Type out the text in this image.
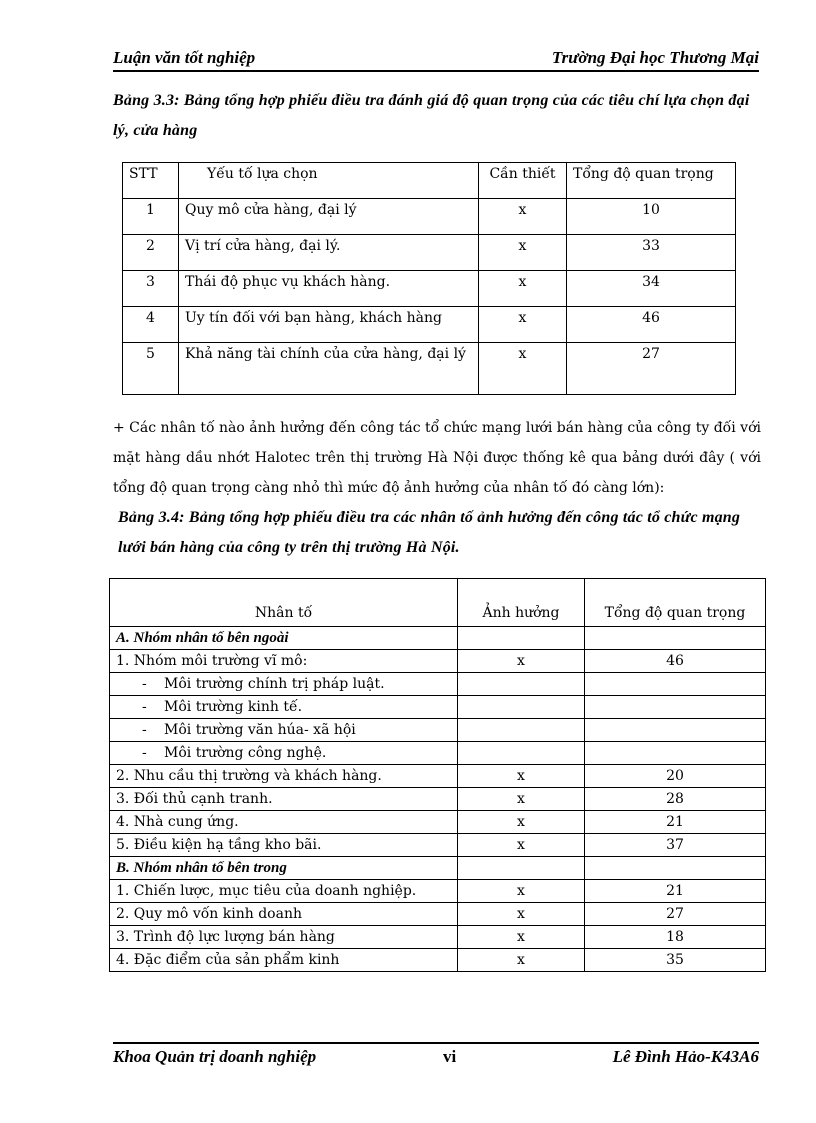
Luận văn tốt nghiệp	Trường Đại học Thương Mại
Bảng 3.3: Bảng tổng hợp phiếu điều tra đánh giá độ quan trọng của các tiêu chí lựa chọn đại lý, cửa hàng
STT	Yếu tố lựa chọn	Cần thiết	Tổng độ quan trọng
1	Quy mô cửa hàng, đại lý	x	10
2	Vị trí cửa hàng, đại lý.	x	33
3	Thái độ phục vụ khách hàng.	x	34
4	Uy tín đối với bạn hàng, khách hàng	x	46
5	Khả năng tài chính của cửa hàng, đại lý	x	27
+ Các nhân tố nào ảnh hưởng đến công tác tổ chức mạng lưới bán hàng của công ty đối với mặt hàng dầu nhớt Halotec trên thị trường Hà Nội được thống kê qua bảng dưới đây ( với tổng độ quan trọng càng nhỏ thì mức độ ảnh hưởng của nhân tố đó càng lớn):
Bảng 3.4: Bảng tổng hợp phiếu điều tra các nhân tố ảnh hưởng đến công tác tổ chức mạng lưới bán hàng của công ty trên thị trường Hà Nội.
Nhân tố	Ảnh hưởng	Tổng độ quan trọng
A. Nhóm nhân tố bên ngoài		
1. Nhóm môi trường vĩ mô:	x	46
- Môi trường chính trị pháp luật.		
- Môi trường kinh tế.		
- Môi trường văn húa- xã hội		
- Môi trường công nghệ.		
2. Nhu cầu thị trường và khách hàng.	x	20
3. Đối thủ cạnh tranh.	x	28
4. Nhà cung ứng.	x	21
5. Điều kiện hạ tầng kho bãi.	x	37
B. Nhóm nhân tố bên trong		
1. Chiến lược, mục tiêu của doanh nghiệp.	x	21
2. Quy mô vốn kinh doanh	x	27
3. Trình độ lực lượng bán hàng	x	18
4. Đặc điểm của sản phẩm kinh	x	35
Khoa Quản trị doanh nghiệp	vi	Lê Đình Hảo-K43A6
